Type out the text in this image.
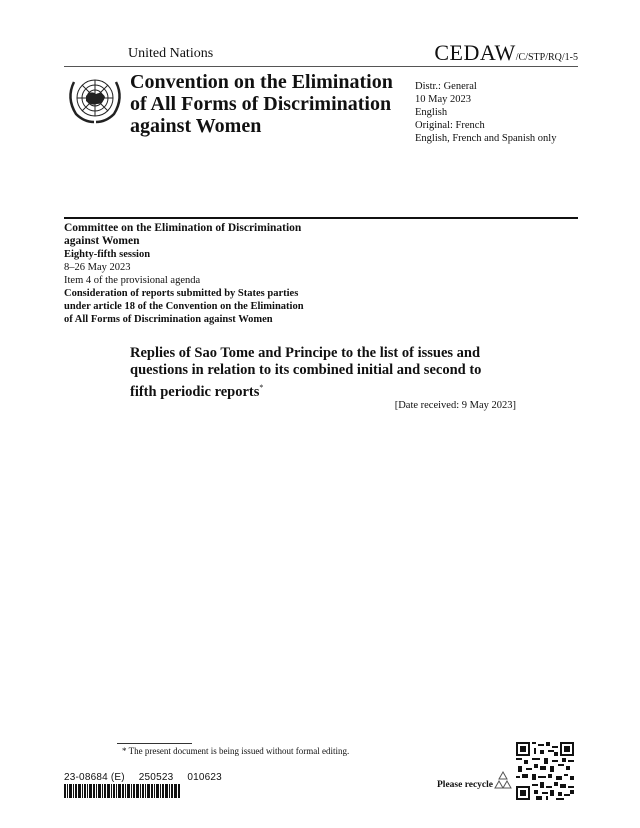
United Nations	CEDAW/C/STP/RQ/1-5
Convention on the Elimination
of All Forms of Discrimination
against Women
Distr.: General
10 May 2023
English
Original: French
English, French and Spanish only
Committee on the Elimination of Discrimination
against Women
Eighty-fifth session
8–26 May 2023
Item 4 of the provisional agenda
Consideration of reports submitted by States parties
under article 18 of the Convention on the Elimination
of All Forms of Discrimination against Women
Replies of Sao Tome and Principe to the list of issues and
questions in relation to its combined initial and second to
fifth periodic reports*
[Date received: 9 May 2023]
* The present document is being issued without formal editing.
23-08684 (E) 250523 010623
Please recycle
